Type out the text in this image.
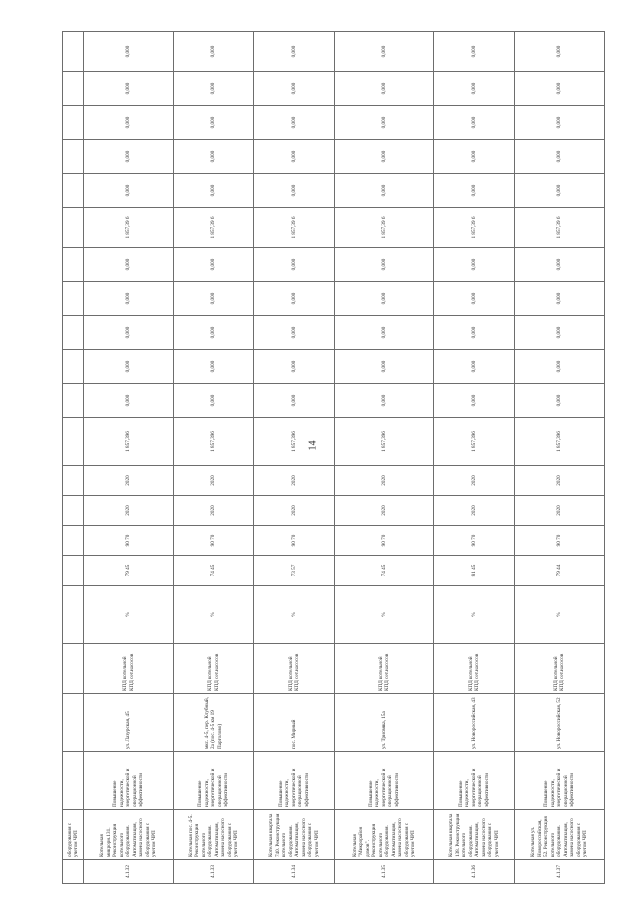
14
	оборудования с учетом ЧРП																				
4.1.32	Котельная микрорн.131. Реконструкция котельного оборудования. Автоматизация, замена насосного оборудования с учетом ЧРП	Повышение надежности, энергетической и операционной эффективности	ул. Лазурская, 45	КПД котельной КПД сет.насосов	%	79 45	90 70	2020	2020	1 857,396	0,000	0,000	0,000	0,000	0,000	1 857,39 6	0,000	0,000	0,000	0,000	0,000
4.1.33	Котельная пос. 4-5. Реконструкция котельного оборудования. Автоматизация, замена насосного оборудования с учетом ЧРП	Повышение надежности, энергетической и операционной эффективности	мкс. 4-5, пер. Клубный, 2а (пос. 4-5 км 19 Парголово)	КПД котельной КПД сет.насосов	%	74 45	90 70	2020	2020	1 857,396	0,000	0,000	0,000	0,000	0,000	1 857,39 6	0,000	0,000	0,000	0,000	0,000
4.1.34	Котельная квартала 740. Реконструкция котельного оборудования. Автоматизация, замена насосного оборудования с учетом ЧРП	Повышение надежности, энергетической и операционной эффективности	пос. Мирный	КПД котельной КПД сет.насосов	%	73 57	90 70	2020	2020	1 857,396	0,000	0,000	0,000	0,000	0,000	1 857,39 6	0,000	0,000	0,000	0,000	0,000
4.1.35	Котельная "Микрорайон домов". Реконструкция котельного оборудования. Автоматизация, замена насосного оборудования с учетом ЧРП	Повышение надежности, энергетической и операционной эффективности	ул. Трисвяка, 15а	КПД котельной КПД сет.насосов	%	74 45	90 70	2020	2020	1 857,396	0,000	0,000	0,000	0,000	0,000	1 857,39 6	0,000	0,000	0,000	0,000	0,000
4.1.36	Котельная квартала 138. Реконструкция котельного оборудования. Автоматизация, замена насосного оборудования с учетом ЧРП	Повышение надежности, энергетической и операционной эффективности	ул. Новороссийская, 43	КПД котельной КПД сет.насосов	%	81 45	90 70	2020	2020	1 857,396	0,000	0,000	0,000	0,000	0,000	1 857,39 6	0,000	0,000	0,000	0,000	0,000
4.1.37	Котельная ул. Новороссийская, 52. Реконструкция котельного оборудования. Автоматизация, замена насосного оборудования с учетом ЧРП	Повышение надежности, энергетической и операционной эффективности	ул. Новороссийская, 52	КПД котельной КПД сет.насосов	%	79 44	90 70	2020	2020	1 857,396	0,000	0,000	0,000	0,000	0,000	1 857,39 6	0,000	0,000	0,000	0,000	0,000
